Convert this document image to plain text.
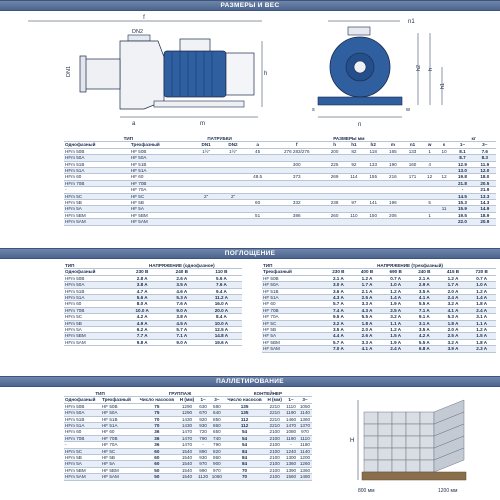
РАЗМЕРЫ И ВЕС
f
DN2
DN1
a	m
h
n1
n
h2 h
h1
w
s
ТИП		ПАТРУБКИ		РАЗМЕРЫ мм									кг	
Однофазный	Трехфазный	DN1	DN2	a	f	h	h1	h2	m	n1	w	s	1~	3~
HFm 50B	HF 50B	1½"	1½"	45	276 283/276	200	82	118	165	133	1	10	8.1	7.6
HFm 50A	HF 50A												8.7	8.3
HFm 51B	HF 51B				300	225	92	133	190	160	4		12.9	11.9
HFm 51A	HF 51A												13.0	12.0
HFm 60	HF 60			48.5	373	269	114	155	216	171	12	12	19.8	18.0
HFm 70B	HF 70B												21.8	20.5
-	HF 70A												-	21.9
HFm 5C	HF 5C	2"	2"										14.5	13.3
HFm 5B	HF 5B			60	332	238	97	141	196		5		15.3	14.3
HFm 5A	HF 5A											11	15.9	14.9
HFm 5BM	HF 5BM			51	386	260	110	150	206		1		19.5	18.9
HFm 5AM	HF 5AM												22.0	20.9
ПОГЛОЩЕНИЕ
ТИП	НАПРЯЖЕНИЕ (однофазное)		
Однофазный	230 В	240 В	110 В
HFm 50B	2.8 A	2.6 A	5.6 A
HFm 50A	3.8 A	3.5 A	7.6 A
HFm 51B	4.7 A	4.6 A	9.4 A
HFm 51A	5.6 A	5.3 A	11.2 A
HFm 60	8.0 A	7.6 A	16.0 A
HFm 70B	10.0 A	9.0 A	20.0 A
HFm 5C	4.2 A	3.8 A	8.4 A
HFm 5B	4.9 A	4.5 A	10.0 A
HFm 5A	6.2 A	5.7 A	12.5 A
HFm 5BM	7.7 A	7.1 A	14.8 A
HFm 5AM	9.8 A	9.0 A	19.6 A
ТИП	НАПРЯЖЕНИЕ (трехфазный)					
Трехфазный	230 В	400 В	690 В	240 В	415 В	720 В
HF 50B	2.1 A	1.2 A	0.7 A	2.1 A	1.2 A	0.7 A
HF 50A	3.0 A	1.7 A	1.0 A	2.9 A	1.7 A	1.0 A
HF 51B	3.6 A	2.1 A	1.2 A	3.5 A	2.0 A	1.2 A
HF 51A	4.3 A	2.5 A	1.4 A	4.1 A	2.4 A	1.4 A
HF 60	5.7 A	3.3 A	1.9 A	5.5 A	3.2 A	1.8 A
HF 70B	7.4 A	4.3 A	2.5 A	7.1 A	4.1 A	2.4 A
HF 70A	9.5 A	5.5 A	3.2 A	9.1 A	5.3 A	3.1 A
HF 5C	3.2 A	1.8 A	1.1 A	3.1 A	1.8 A	1.1 A
HF 5B	3.5 A	2.0 A	1.2 A	3.5 A	2.0 A	1.2 A
HF 5A	4.4 A	2.6 A	1.5 A	4.2 A	2.5 A	1.5 A
HF 5BM	5.7 A	3.3 A	1.9 A	5.5 A	3.2 A	1.8 A
HF 5AM	7.0 A	4.1 A	2.4 A	6.8 A	3.9 A	2.3 A
ПАЛЛЕТИРОВАНИЕ
ТИП		ГРУППАЖ				КОНТЕЙНЕР			
Однофазный	Трехфазный	Число насосов	H (мм)	1~	3~	Число насосов	H (мм)	1~	3~
HFm 50B	HF 50B	75	1290	630	580	135	2210	1110	1050
HFm 50A	HF 50A	75	1290	670	640	135	2210	1190	1140
HFm 51B	HF 51B	70	1430	920	850	112	2210	1460	1360
HFm 51A	HF 51A	70	1430	930	860	112	2210	1470	1370
HFm 60	HF 60	36	1470	720	650	54	2100	1080	970
HFm 70B	HF 70B	36	1470	790	740	54	2100	1190	1110
-	HF 70A	36	1470	-	790	54	2100	-	1180
HFm 5C	HF 5C	60	1540	890	820	84	2100	1240	1140
HFm 5B	HF 5B	60	1540	930	860	84	2100	1300	1200
HFm 5A	HF 5A	60	1540	970	900	84	2100	1360	1260
HFm 5BM	HF 5BM	50	1540	990	970	70	2100	1390	1360
HFm 5AM	HF 5AM	50	1540	1120	1060	70	2100	1560	1480
H
800 мм	1200 мм
